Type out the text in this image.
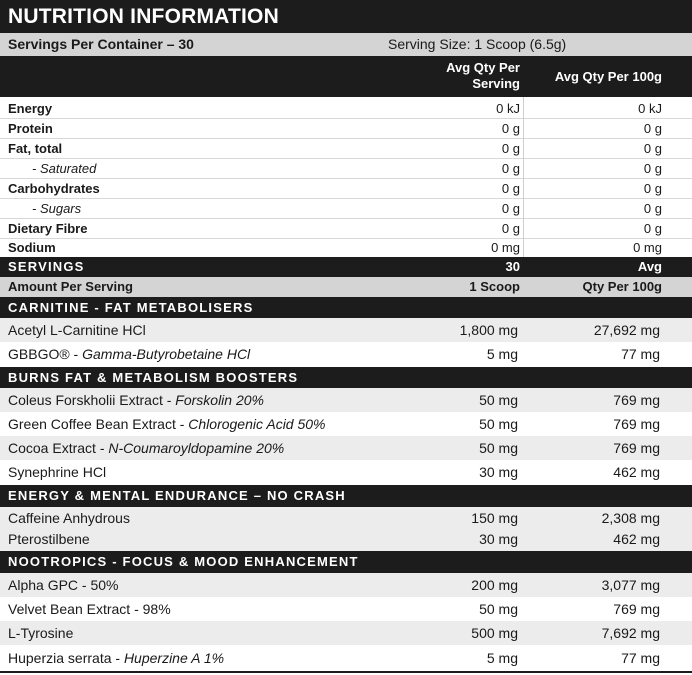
NUTRITION INFORMATION
Servings Per Container – 30	Serving Size: 1 Scoop (6.5g)
Avg Qty Per Serving	Avg Qty Per 100g
Energy	0 kJ	0 kJ
Protein	0 g	0 g
Fat, total	0 g	0 g
- Saturated	0 g	0 g
Carbohydrates	0 g	0 g
- Sugars	0 g	0 g
Dietary Fibre	0 g	0 g
Sodium	0 mg	0 mg
SERVINGS	30	Avg
Amount Per Serving	1 Scoop	Qty Per 100g
CARNITINE - FAT METABOLISERS
Acetyl L-Carnitine HCl	1,800 mg	27,692 mg
GBBGO® - Gamma-Butyrobetaine HCl	5 mg	77 mg
BURNS FAT & METABOLISM BOOSTERS
Coleus Forskholii Extract - Forskolin 20%	50 mg	769 mg
Green Coffee Bean Extract - Chlorogenic Acid 50%	50 mg	769 mg
Cocoa Extract - N-Coumaroyldopamine 20%	50 mg	769 mg
Synephrine HCl	30 mg	462 mg
ENERGY & MENTAL ENDURANCE – NO CRASH
Caffeine Anhydrous	150 mg	2,308 mg
Pterostilbene	30 mg	462 mg
NOOTROPICS - FOCUS & MOOD ENHANCEMENT
Alpha GPC - 50%	200 mg	3,077 mg
Velvet Bean Extract - 98%	50 mg	769 mg
L-Tyrosine	500 mg	7,692 mg
Huperzia serrata - Huperzine A 1%	5 mg	77 mg
